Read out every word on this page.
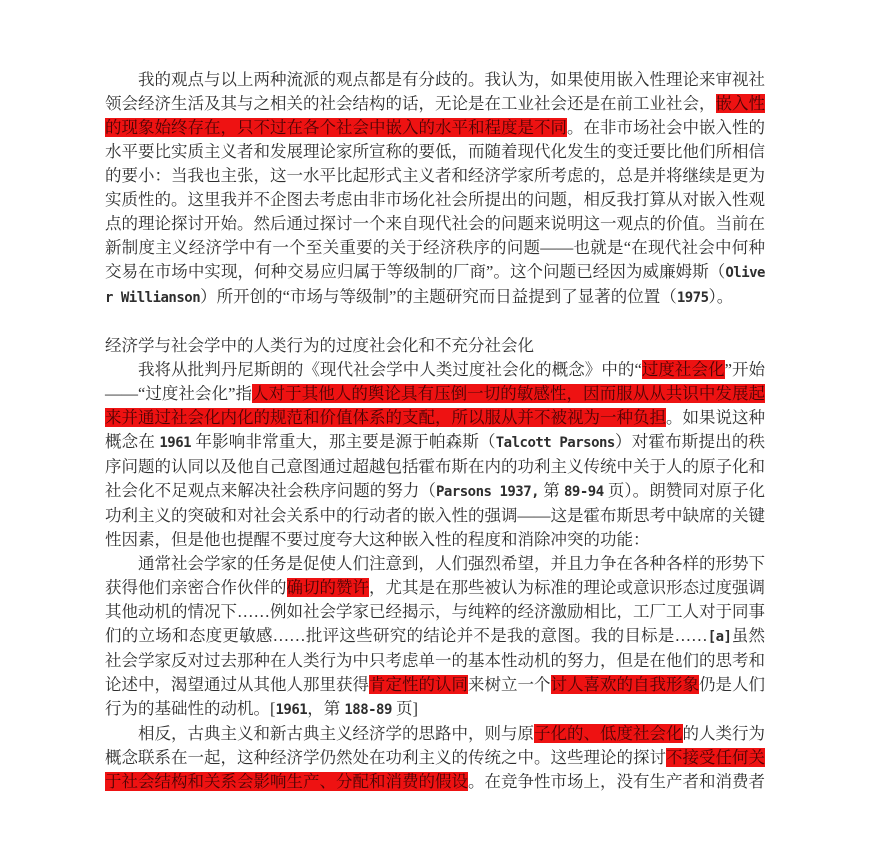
我的观点与以上两种流派的观点都是有分歧的。我认为，如果使用嵌入性理论来审视社领会经济生活及其与之相关的社会结构的话，无论是在工业社会还是在前工业社会，嵌入性的现象始终存在，只不过在各个社会中嵌入的水平和程度是不同。在非市场社会中嵌入性的水平要比实质主义者和发展理论家所宣称的要低，而随着现代化发生的变迁要比他们所相信的要小：当我也主张，这一水平比起形式主义者和经济学家所考虑的，总是并将继续是更为实质性的。这里我并不企图去考虑由非市场化社会所提出的问题，相反我打算从对嵌入性观点的理论探讨开始。然后通过探讨一个来自现代社会的问题来说明这一观点的价值。当前在新制度主义经济学中有一个至关重要的关于经济秩序的问题——也就是“在现代社会中何种交易在市场中实现，何种交易应归属于等级制的厂商”。这个问题已经因为威廉姆斯（Oliver Willianson）所开创的“市场与等级制”的主题研究而日益提到了显著的位置（1975）。

经济学与社会学中的人类行为的过度社会化和不充分社会化

我将从批判丹尼斯朗的《现代社会学中人类过度社会化的概念》中的“过度社会化”开始——“过度社会化”指人对于其他人的舆论具有压倒一切的敏感性，因而服从从共识中发展起来并通过社会化内化的规范和价值体系的支配，所以服从并不被视为一种负担。如果说这种概念在 1961 年影响非常重大，那主要是源于帕森斯（Talcott Parsons）对霍布斯提出的秩序问题的认同以及他自己意图通过超越包括霍布斯在内的功利主义传统中关于人的原子化和社会化不足观点来解决社会秩序问题的努力（Parsons 1937, 第 89-94 页）。朗赞同对原子化功利主义的突破和对社会关系中的行动者的嵌入性的强调——这是霍布斯思考中缺席的关键性因素，但是他也提醒不要过度夸大这种嵌入性的程度和消除冲突的功能：

通常社会学家的任务是促使人们注意到，人们强烈希望，并且力争在各种各样的形势下获得他们亲密合作伙伴的确切的赞许，尤其是在那些被认为标准的理论或意识形态过度强调其他动机的情况下……例如社会学家已经揭示，与纯粹的经济激励相比，工厂工人对于同事们的立场和态度更敏感……批评这些研究的结论并不是我的意图。我的目标是……[a]虽然社会学家反对过去那种在人类行为中只考虑单一的基本性动机的努力，但是在他们的思考和论述中，渴望通过从其他人那里获得肯定性的认同来树立一个讨人喜欢的自我形象仍是人们行为的基础性的动机。[1961，第 188-89 页]

相反，古典主义和新古典主义经济学的思路中，则与原子化的、低度社会化的人类行为概念联系在一起，这种经济学仍然处在功利主义的传统之中。这些理论的探讨不接受任何关于社会结构和关系会影响生产、分配和消费的假设。在竞争性市场上，没有生产者和消费者
